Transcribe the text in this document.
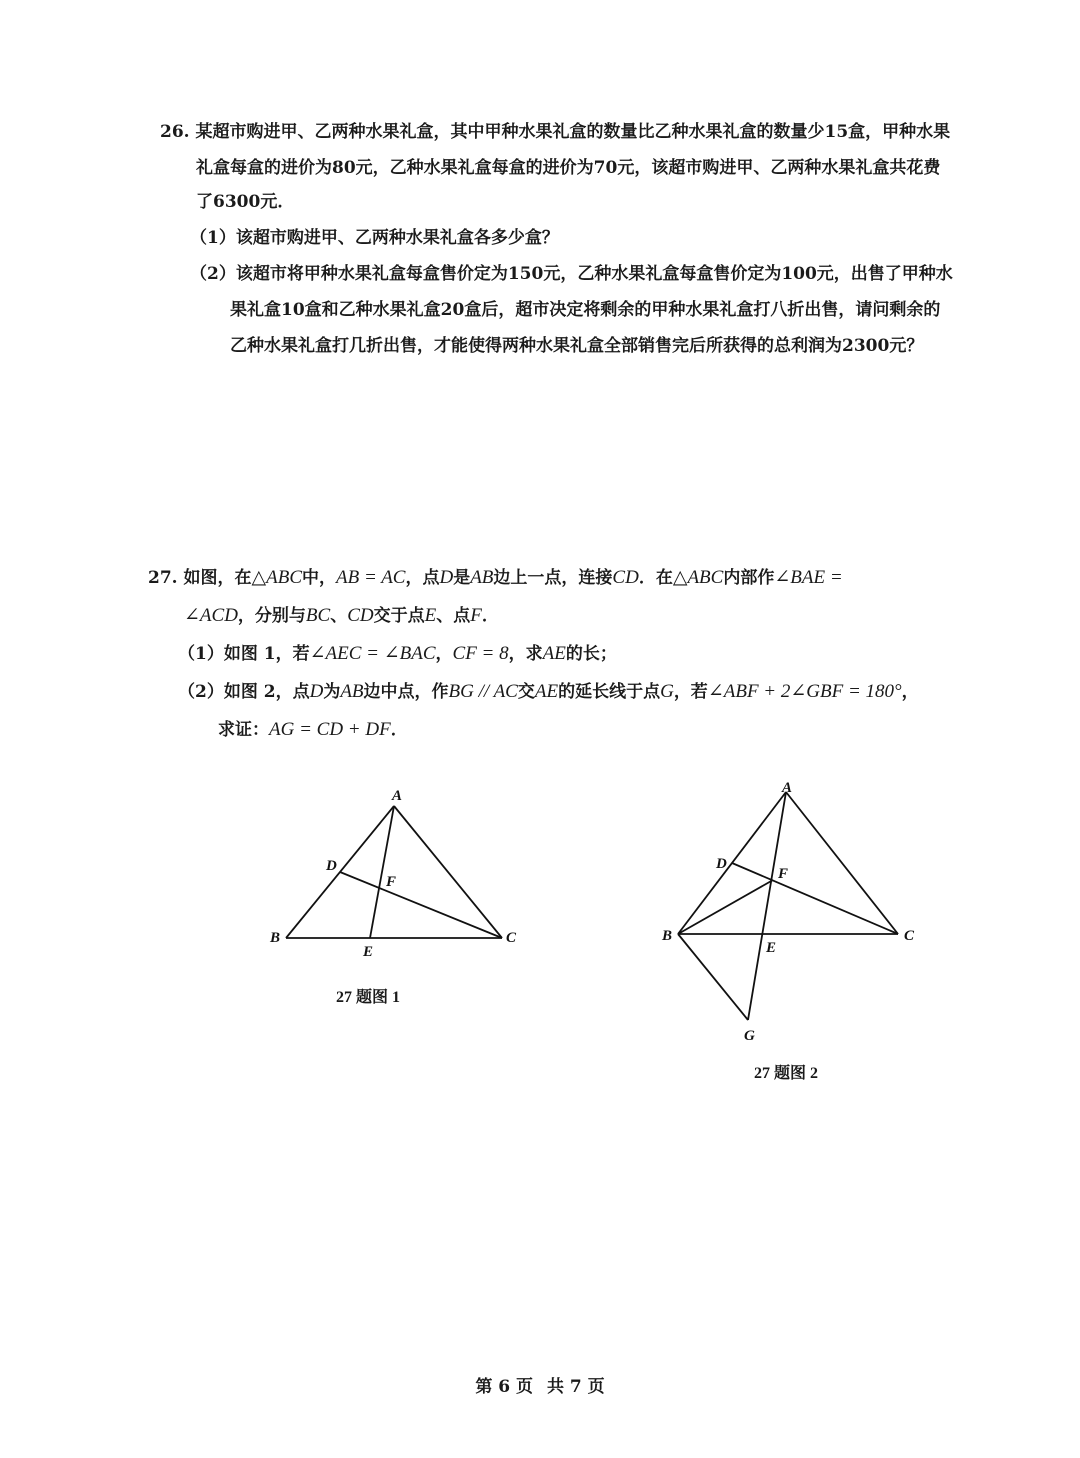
26. 某超市购进甲、乙两种水果礼盒，其中甲种水果礼盒的数量比乙种水果礼盒的数量少15盒，甲种水果
礼盒每盒的进价为80元，乙种水果礼盒每盒的进价为70元，该超市购进甲、乙两种水果礼盒共花费
了6300元．
（1）该超市购进甲、乙两种水果礼盒各多少盒？
（2）该超市将甲种水果礼盒每盒售价定为150元，乙种水果礼盒每盒售价定为100元，出售了甲种水
果礼盒10盒和乙种水果礼盒20盒后，超市决定将剩余的甲种水果礼盒打八折出售，请问剩余的
乙种水果礼盒打几折出售，才能使得两种水果礼盒全部销售完后所获得的总利润为2300元？
27. 如图，在△ABC中，AB = AC，点D是AB边上一点，连接CD．在△ABC内部作∠BAE =
∠ACD，分别与BC、CD交于点E、点F．
（1）如图 1，若∠AEC = ∠BAC，CF = 8，求AE的长；
（2）如图 2，点D为AB边中点，作BG // AC交AE的延长线于点G，若∠ABF + 2∠GBF = 180°，
求证：AG = CD + DF．
A
B	C
D
E
F
27 题图 1
A
B	C
D
E
F
G
27 题图 2
第 6 页 共 7 页
